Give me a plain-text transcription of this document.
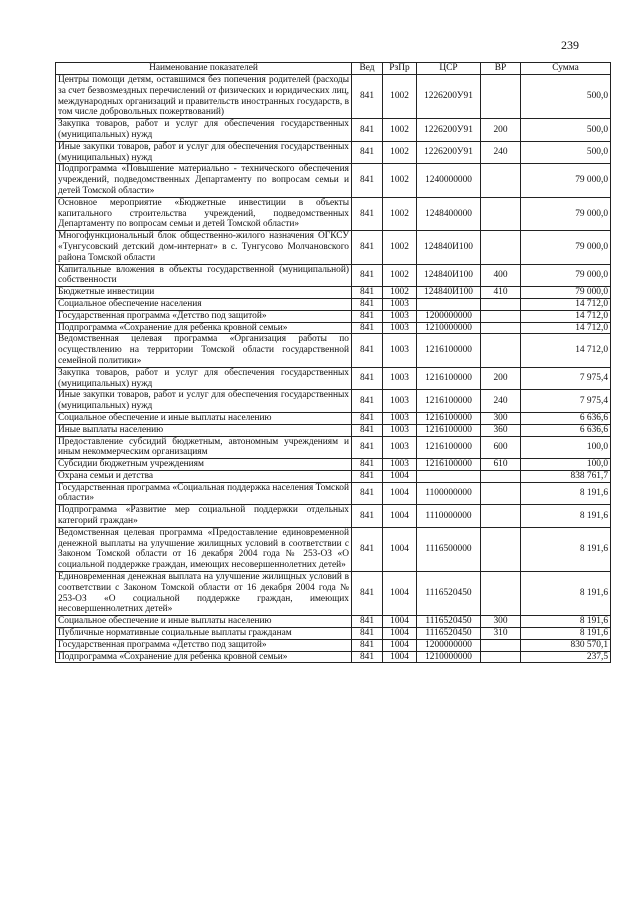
239
Наименование показателей	Вед	РзПр	ЦСР	ВР	Сумма
Центры помощи детям, оставшимся без попечения родителей (расходы за счет безвозмездных перечислений от физических и юридических лиц, международных организаций и правительств иностранных государств, в том числе добровольных пожертвований)	841	1002	1226200У91		500,0
Закупка товаров, работ и услуг для обеспечения государственных (муниципальных) нужд	841	1002	1226200У91	200	500,0
Иные закупки товаров, работ и услуг для обеспечения государственных (муниципальных) нужд	841	1002	1226200У91	240	500,0
Подпрограмма «Повышение материально - технического обеспечения учреждений, подведомственных Департаменту по вопросам семьи и детей Томской области»	841	1002	1240000000		79 000,0
Основное мероприятие «Бюджетные инвестиции в объекты капитального строительства учреждений, подведомственных Департаменту по вопросам семьи и детей Томской области»	841	1002	1248400000		79 000,0
Многофункциональный блок общественно-жилого назначения ОГКСУ «Тунгусовский детский дом-интернат» в с. Тунгусово Молчановского района Томской области	841	1002	124840И100		79 000,0
Капитальные вложения в объекты государственной (муниципальной) собственности	841	1002	124840И100	400	79 000,0
Бюджетные инвестиции	841	1002	124840И100	410	79 000,0
Социальное обеспечение населения	841	1003			14 712,0
Государственная программа «Детство под защитой»	841	1003	1200000000		14 712,0
Подпрограмма «Сохранение для ребенка кровной семьи»	841	1003	1210000000		14 712,0
Ведомственная целевая программа «Организация работы по осуществлению на территории Томской области государственной семейной политики»	841	1003	1216100000		14 712,0
Закупка товаров, работ и услуг для обеспечения государственных (муниципальных) нужд	841	1003	1216100000	200	7 975,4
Иные закупки товаров, работ и услуг для обеспечения государственных (муниципальных) нужд	841	1003	1216100000	240	7 975,4
Социальное обеспечение и иные выплаты населению	841	1003	1216100000	300	6 636,6
Иные выплаты населению	841	1003	1216100000	360	6 636,6
Предоставление субсидий бюджетным, автономным учреждениям и иным некоммерческим организациям	841	1003	1216100000	600	100,0
Субсидии бюджетным учреждениям	841	1003	1216100000	610	100,0
Охрана семьи и детства	841	1004			838 761,7
Государственная программа «Социальная поддержка населения Томской области»	841	1004	1100000000		8 191,6
Подпрограмма «Развитие мер социальной поддержки отдельных категорий граждан»	841	1004	1110000000		8 191,6
Ведомственная целевая программа «Предоставление единовременной денежной выплаты на улучшение жилищных условий в соответствии с Законом Томской области от 16 декабря 2004 года № 253-ОЗ «О социальной поддержке граждан, имеющих несовершеннолетних детей»	841	1004	1116500000		8 191,6
Единовременная денежная выплата на улучшение жилищных условий в соответствии с Законом Томской области от 16 декабря 2004 года № 253-ОЗ «О социальной поддержке граждан, имеющих несовершеннолетних детей»	841	1004	1116520450		8 191,6
Социальное обеспечение и иные выплаты населению	841	1004	1116520450	300	8 191,6
Публичные нормативные социальные выплаты гражданам	841	1004	1116520450	310	8 191,6
Государственная программа «Детство под защитой»	841	1004	1200000000		830 570,1
Подпрограмма «Сохранение для ребенка кровной семьи»	841	1004	1210000000		237,5
